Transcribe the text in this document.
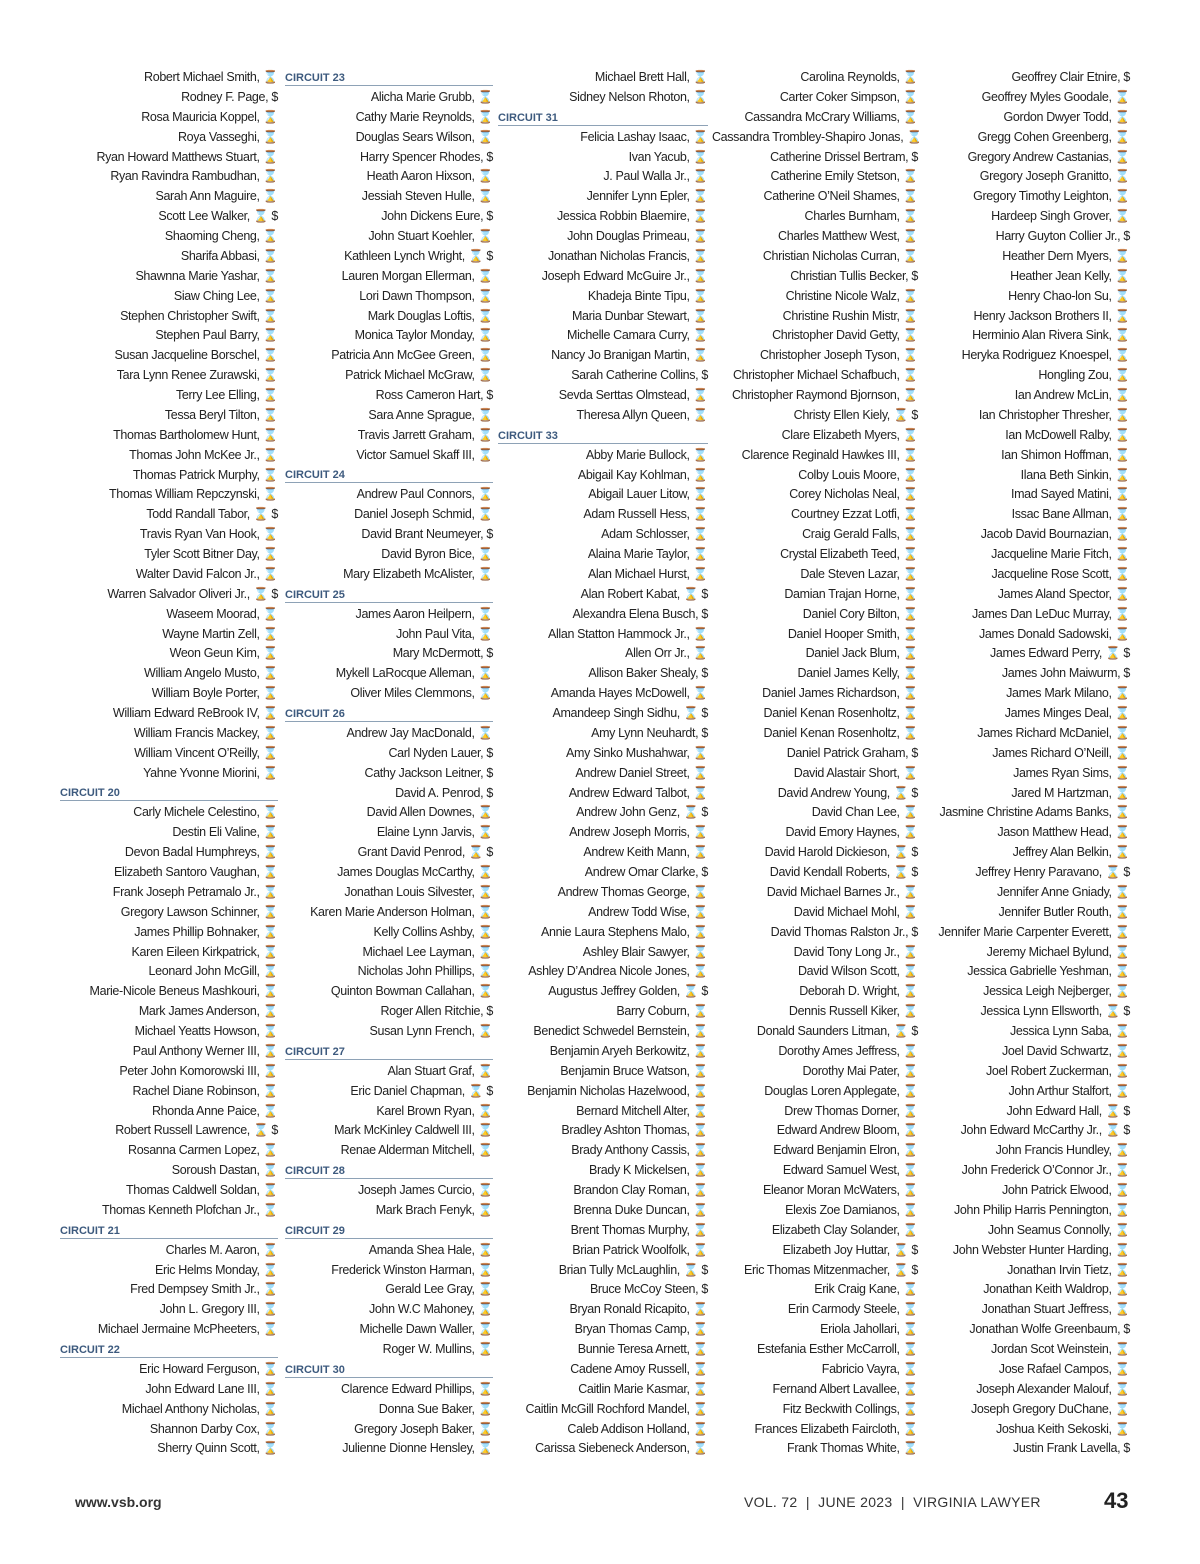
Robert Michael Smith, ⌛
Rodney F. Page, $
Rosa Mauricia Koppel, ⌛
Roya Vasseghi, ⌛
Ryan Howard Matthews Stuart, ⌛
Ryan Ravindra Rambudhan, ⌛
Sarah Ann Maguire, ⌛
Scott Lee Walker, ⌛ $
Shaoming Cheng, ⌛
Sharifa Abbasi, ⌛
Shawnna Marie Yashar, ⌛
Siaw Ching Lee, ⌛
Stephen Christopher Swift, ⌛
Stephen Paul Barry, ⌛
Susan Jacqueline Borschel, ⌛
Tara Lynn Renee Zurawski, ⌛
Terry Lee Elling, ⌛
Tessa Beryl Tilton, ⌛
Thomas Bartholomew Hunt, ⌛
Thomas John McKee Jr., ⌛
Thomas Patrick Murphy, ⌛
Thomas William Repczynski, ⌛
Todd Randall Tabor, ⌛ $
Travis Ryan Van Hook, ⌛
Tyler Scott Bitner Day, ⌛
Walter David Falcon Jr., ⌛
Warren Salvador Oliveri Jr., ⌛ $
Waseem Moorad, ⌛
Wayne Martin Zell, ⌛
Weon Geun Kim, ⌛
William Angelo Musto, ⌛
William Boyle Porter, ⌛
William Edward ReBrook IV, ⌛
William Francis Mackey, ⌛
William Vincent O’Reilly, ⌛
Yahne Yvonne Miorini, ⌛
CIRCUIT 20
Carly Michele Celestino, ⌛
Destin Eli Valine, ⌛
Devon Badal Humphreys, ⌛
Elizabeth Santoro Vaughan, ⌛
Frank Joseph Petramalo Jr., ⌛
Gregory Lawson Schinner, ⌛
James Phillip Bohnaker, ⌛
Karen Eileen Kirkpatrick, ⌛
Leonard John McGill, ⌛
Marie-Nicole Beneus Mashkouri, ⌛
Mark James Anderson, ⌛
Michael Yeatts Howson, ⌛
Paul Anthony Werner III, ⌛
Peter John Komorowski III, ⌛
Rachel Diane Robinson, ⌛
Rhonda Anne Paice, ⌛
Robert Russell Lawrence, ⌛ $
Rosanna Carmen Lopez, ⌛
Soroush Dastan, ⌛
Thomas Caldwell Soldan, ⌛
Thomas Kenneth Plofchan Jr., ⌛
CIRCUIT 21
Charles M. Aaron, ⌛
Eric Helms Monday, ⌛
Fred Dempsey Smith Jr., ⌛
John L. Gregory III, ⌛
Michael Jermaine McPheeters, ⌛
CIRCUIT 22
Eric Howard Ferguson, ⌛
John Edward Lane III, ⌛
Michael Anthony Nicholas, ⌛
Shannon Darby Cox, ⌛
Sherry Quinn Scott, ⌛
CIRCUIT 23
Alicha Marie Grubb, ⌛
Cathy Marie Reynolds, ⌛
Douglas Sears Wilson, ⌛
Harry Spencer Rhodes, $
Heath Aaron Hixson, ⌛
Jessiah Steven Hulle, ⌛
John Dickens Eure, $
John Stuart Koehler, ⌛
Kathleen Lynch Wright, ⌛ $
Lauren Morgan Ellerman, ⌛
Lori Dawn Thompson, ⌛
Mark Douglas Loftis, ⌛
Monica Taylor Monday, ⌛
Patricia Ann McGee Green, ⌛
Patrick Michael McGraw, ⌛
Ross Cameron Hart, $
Sara Anne Sprague, ⌛
Travis Jarrett Graham, ⌛
Victor Samuel Skaff III, ⌛
CIRCUIT 24
Andrew Paul Connors, ⌛
Daniel Joseph Schmid, ⌛
David Brant Neumeyer, $
David Byron Bice, ⌛
Mary Elizabeth McAlister, ⌛
CIRCUIT 25
James Aaron Heilpern, ⌛
John Paul Vita, ⌛
Mary McDermott, $
Mykell LaRocque Alleman, ⌛
Oliver Miles Clemmons, ⌛
CIRCUIT 26
Andrew Jay MacDonald, ⌛
Carl Nyden Lauer, $
Cathy Jackson Leitner, $
David A. Penrod, $
David Allen Downes, ⌛
Elaine Lynn Jarvis, ⌛
Grant David Penrod, ⌛ $
James Douglas McCarthy, ⌛
Jonathan Louis Silvester, ⌛
Karen Marie Anderson Holman, ⌛
Kelly Collins Ashby, ⌛
Michael Lee Layman, ⌛
Nicholas John Phillips, ⌛
Quinton Bowman Callahan, ⌛
Roger Allen Ritchie, $
Susan Lynn French, ⌛
CIRCUIT 27
Alan Stuart Graf, ⌛
Eric Daniel Chapman, ⌛ $
Karel Brown Ryan, ⌛
Mark McKinley Caldwell III, ⌛
Renae Alderman Mitchell, ⌛
CIRCUIT 28
Joseph James Curcio, ⌛
Mark Brach Fenyk, ⌛
CIRCUIT 29
Amanda Shea Hale, ⌛
Frederick Winston Harman, ⌛
Gerald Lee Gray, ⌛
John W.C Mahoney, ⌛
Michelle Dawn Waller, ⌛
Roger W. Mullins, ⌛
CIRCUIT 30
Clarence Edward Phillips, ⌛
Donna Sue Baker, ⌛
Gregory Joseph Baker, ⌛
Julienne Dionne Hensley, ⌛
Michael Brett Hall, ⌛
Sidney Nelson Rhoton, ⌛
CIRCUIT 31
Felicia Lashay Isaac, ⌛
Ivan Yacub, ⌛
J. Paul Walla Jr., ⌛
Jennifer Lynn Epler, ⌛
Jessica Robbin Blaemire, ⌛
John Douglas Primeau, ⌛
Jonathan Nicholas Francis, ⌛
Joseph Edward McGuire Jr., ⌛
Khadeja Binte Tipu, ⌛
Maria Dunbar Stewart, ⌛
Michelle Camara Curry, ⌛
Nancy Jo Branigan Martin, ⌛
Sarah Catherine Collins, $
Sevda Serttas Olmstead, ⌛
Theresa Allyn Queen, ⌛
CIRCUIT 33
Abby Marie Bullock, ⌛
Abigail Kay Kohlman, ⌛
Abigail Lauer Litow, ⌛
Adam Russell Hess, ⌛
Adam Schlosser, ⌛
Alaina Marie Taylor, ⌛
Alan Michael Hurst, ⌛
Alan Robert Kabat, ⌛ $
Alexandra Elena Busch, $
Allan Statton Hammock Jr., ⌛
Allen Orr Jr., ⌛
Allison Baker Shealy, $
Amanda Hayes McDowell, ⌛
Amandeep Singh Sidhu, ⌛ $
Amy Lynn Neuhardt, $
Amy Sinko Mushahwar, ⌛
Andrew Daniel Street, ⌛
Andrew Edward Talbot, ⌛
Andrew John Genz, ⌛ $
Andrew Joseph Morris, ⌛
Andrew Keith Mann, ⌛
Andrew Omar Clarke, $
Andrew Thomas George, ⌛
Andrew Todd Wise, ⌛
Annie Laura Stephens Malo, ⌛
Ashley Blair Sawyer, ⌛
Ashley D’Andrea Nicole Jones, ⌛
Augustus Jeffrey Golden, ⌛ $
Barry Coburn, ⌛
Benedict Schwedel Bernstein, ⌛
Benjamin Aryeh Berkowitz, ⌛
Benjamin Bruce Watson, ⌛
Benjamin Nicholas Hazelwood, ⌛
Bernard Mitchell Alter, ⌛
Bradley Ashton Thomas, ⌛
Brady Anthony Cassis, ⌛
Brady K Mickelsen, ⌛
Brandon Clay Roman, ⌛
Brenna Duke Duncan, ⌛
Brent Thomas Murphy, ⌛
Brian Patrick Woolfolk, ⌛
Brian Tully McLaughlin, ⌛ $
Bruce McCoy Steen, $
Bryan Ronald Ricapito, ⌛
Bryan Thomas Camp, ⌛
Bunnie Teresa Arnett, ⌛
Cadene Amoy Russell, ⌛
Caitlin Marie Kasmar, ⌛
Caitlin McGill Rochford Mandel, ⌛
Caleb Addison Holland, ⌛
Carissa Siebeneck Anderson, ⌛
Carolina Reynolds, ⌛
Carter Coker Simpson, ⌛
Cassandra McCrary Williams, ⌛
Cassandra Trombley-Shapiro Jonas, ⌛
Catherine Drissel Bertram, $
Catherine Emily Stetson, ⌛
Catherine O’Neil Shames, ⌛
Charles Burnham, ⌛
Charles Matthew West, ⌛
Christian Nicholas Curran, ⌛
Christian Tullis Becker, $
Christine Nicole Walz, ⌛
Christine Rushin Mistr, ⌛
Christopher David Getty, ⌛
Christopher Joseph Tyson, ⌛
Christopher Michael Schafbuch, ⌛
Christopher Raymond Bjornson, ⌛
Christy Ellen Kiely, ⌛ $
Clare Elizabeth Myers, ⌛
Clarence Reginald Hawkes III, ⌛
Colby Louis Moore, ⌛
Corey Nicholas Neal, ⌛
Courtney Ezzat Lotfi, ⌛
Craig Gerald Falls, ⌛
Crystal Elizabeth Teed, ⌛
Dale Steven Lazar, ⌛
Damian Trajan Horne, ⌛
Daniel Cory Bilton, ⌛
Daniel Hooper Smith, ⌛
Daniel Jack Blum, ⌛
Daniel James Kelly, ⌛
Daniel James Richardson, ⌛
Daniel Kenan Rosenholtz, ⌛
Daniel Kenan Rosenholtz, ⌛
Daniel Patrick Graham, $
David Alastair Short, ⌛
David Andrew Young, ⌛ $
David Chan Lee, ⌛
David Emory Haynes, ⌛
David Harold Dickieson, ⌛ $
David Kendall Roberts, ⌛ $
David Michael Barnes Jr., ⌛
David Michael Mohl, ⌛
David Thomas Ralston Jr., $
David Tony Long Jr., ⌛
David Wilson Scott, ⌛
Deborah D. Wright, ⌛
Dennis Russell Kiker, ⌛
Donald Saunders Litman, ⌛ $
Dorothy Ames Jeffress, ⌛
Dorothy Mai Pater, ⌛
Douglas Loren Applegate, ⌛
Drew Thomas Dorner, ⌛
Edward Andrew Bloom, ⌛
Edward Benjamin Elron, ⌛
Edward Samuel West, ⌛
Eleanor Moran McWaters, ⌛
Elexis Zoe Damianos, ⌛
Elizabeth Clay Solander, ⌛
Elizabeth Joy Huttar, ⌛ $
Eric Thomas Mitzenmacher, ⌛ $
Erik Craig Kane, ⌛
Erin Carmody Steele, ⌛
Eriola Jahollari, ⌛
Estefania Esther McCarroll, ⌛
Fabricio Vayra, ⌛
Fernand Albert Lavallee, ⌛
Fitz Beckwith Collings, ⌛
Frances Elizabeth Faircloth, ⌛
Frank Thomas White, ⌛
Geoffrey Clair Etnire, $
Geoffrey Myles Goodale, ⌛
Gordon Dwyer Todd, ⌛
Gregg Cohen Greenberg, ⌛
Gregory Andrew Castanias, ⌛
Gregory Joseph Granitto, ⌛
Gregory Timothy Leighton, ⌛
Hardeep Singh Grover, ⌛
Harry Guyton Collier Jr., $
Heather Dern Myers, ⌛
Heather Jean Kelly, ⌛
Henry Chao-lon Su, ⌛
Henry Jackson Brothers II, ⌛
Herminio Alan Rivera Sink, ⌛
Heryka Rodriguez Knoespel, ⌛
Hongling Zou, ⌛
Ian Andrew McLin, ⌛
Ian Christopher Thresher, ⌛
Ian McDowell Ralby, ⌛
Ian Shimon Hoffman, ⌛
Ilana Beth Sinkin, ⌛
Imad Sayed Matini, ⌛
Issac Bane Allman, ⌛
Jacob David Bournazian, ⌛
Jacqueline Marie Fitch, ⌛
Jacqueline Rose Scott, ⌛
James Aland Spector, ⌛
James Dan LeDuc Murray, ⌛
James Donald Sadowski, ⌛
James Edward Perry, ⌛ $
James John Maiwurm, $
James Mark Milano, ⌛
James Minges Deal, ⌛
James Richard McDaniel, ⌛
James Richard O’Neill, ⌛
James Ryan Sims, ⌛
Jared M Hartzman, ⌛
Jasmine Christine Adams Banks, ⌛
Jason Matthew Head, ⌛
Jeffrey Alan Belkin, ⌛
Jeffrey Henry Paravano, ⌛ $
Jennifer Anne Gniady, ⌛
Jennifer Butler Routh, ⌛
Jennifer Marie Carpenter Everett, ⌛
Jeremy Michael Bylund, ⌛
Jessica Gabrielle Yeshman, ⌛
Jessica Leigh Nejberger, ⌛
Jessica Lynn Ellsworth, ⌛ $
Jessica Lynn Saba, ⌛
Joel David Schwartz, ⌛
Joel Robert Zuckerman, ⌛
John Arthur Stalfort, ⌛
John Edward Hall, ⌛ $
John Edward McCarthy Jr., ⌛ $
John Francis Hundley, ⌛
John Frederick O’Connor Jr., ⌛
John Patrick Elwood, ⌛
John Philip Harris Pennington, ⌛
John Seamus Connolly, ⌛
John Webster Hunter Harding, ⌛
Jonathan Irvin Tietz, ⌛
Jonathan Keith Waldrop, ⌛
Jonathan Stuart Jeffress, ⌛
Jonathan Wolfe Greenbaum, $
Jordan Scot Weinstein, ⌛
Jose Rafael Campos, ⌛
Joseph Alexander Malouf, ⌛
Joseph Gregory DuChane, ⌛
Joshua Keith Sekoski, ⌛
Justin Frank Lavella, $
www.vsb.org	VOL. 72  |  JUNE 2023  |  VIRGINIA LAWYER	43
